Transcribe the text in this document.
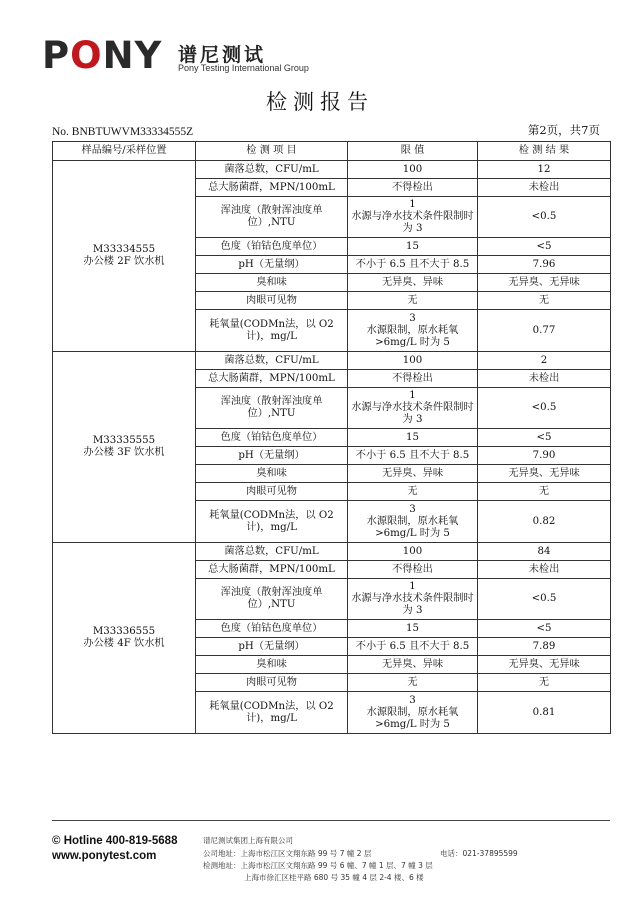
PONY 谱尼测试
Pony Testing International Group
检测报告
No. BNBTUWVM33334555Z	第2页，共7页
样品编号/采样位置	检 测 项 目	限 值	检 测 结 果

M33334555
办公楼 2F 饮水机	菌落总数，CFU/mL	100	12
	总大肠菌群，MPN/100mL	不得检出	未检出
	浑浊度（散射浑浊度单位）,NTU	1
水源与净水技术条件限制时为 3	<0.5
	色度（铂钴色度单位）	15	<5
	pH（无量纲）	不小于 6.5 且不大于 8.5	7.96
	臭和味	无异臭、异味	无异臭、无异味
	肉眼可见物	无	无
	耗氧量(CODMn法，以 O2计)，mg/L	3
水源限制，原水耗氧>6mg/L 时为 5	0.77

M33335555
办公楼 3F 饮水机	菌落总数，CFU/mL	100	2
	总大肠菌群，MPN/100mL	不得检出	未检出
	浑浊度（散射浑浊度单位）,NTU	1
水源与净水技术条件限制时为 3	<0.5
	色度（铂钴色度单位）	15	<5
	pH（无量纲）	不小于 6.5 且不大于 8.5	7.90
	臭和味	无异臭、异味	无异臭、无异味
	肉眼可见物	无	无
	耗氧量(CODMn法，以 O2计)，mg/L	3
水源限制，原水耗氧>6mg/L 时为 5	0.82

M33336555
办公楼 4F 饮水机	菌落总数，CFU/mL	100	84
	总大肠菌群，MPN/100mL	不得检出	未检出
	浑浊度（散射浑浊度单位）,NTU	1
水源与净水技术条件限制时为 3	<0.5
	色度（铂钴色度单位）	15	<5
	pH（无量纲）	不小于 6.5 且不大于 8.5	7.89
	臭和味	无异臭、异味	无异臭、无异味
	肉眼可见物	无	无
	耗氧量(CODMn法，以 O2计)，mg/L	3
水源限制，原水耗氧>6mg/L 时为 5	0.81
© Hotline 400-819-5688
www.ponytest.com
谱尼测试集团上海有限公司
公司地址：上海市松江区文翔东路 99 号 7 幢 2 层
检测地址：上海市松江区文翔东路 99 号 6 幢、7 幢 1 层、7 幢 3 层
上海市徐汇区桂平路 680 号 35 幢 4 层 2-4 楼、6 楼
电话：021-37895599
